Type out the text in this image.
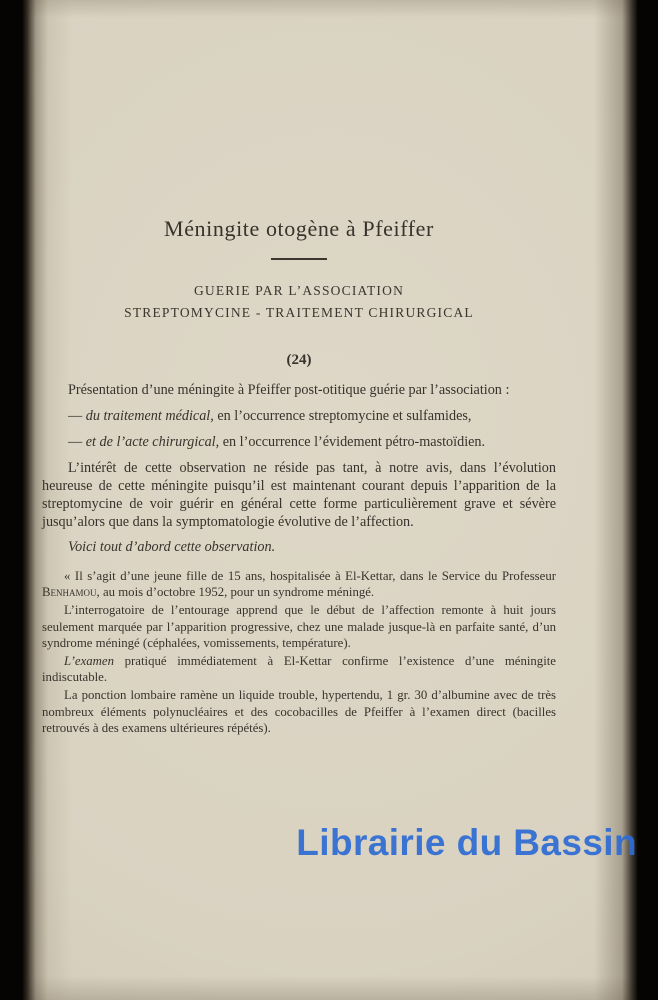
Méningite otogène à Pfeiffer
GUERIE PAR L’ASSOCIATION
STREPTOMYCINE - TRAITEMENT CHIRURGICAL
(24)

Présentation d’une méningite à Pfeiffer post-otitique guérie par l’association :

— du traitement médical, en l’occurrence streptomycine et sulfamides,

— et de l’acte chirurgical, en l’occurrence l’évidement pétro-mastoïdien.

L’intérêt de cette observation ne réside pas tant, à notre avis, dans l’évolution heureuse de cette méningite puisqu’il est maintenant courant depuis l’apparition de la streptomycine de voir guérir en général cette forme particulièrement grave et sévère jusqu’alors que dans la symptomatologie évolutive de l’affection.

Voici tout d’abord cette observation.

« Il s’agit d’une jeune fille de 15 ans, hospitalisée à El-Kettar, dans le Service du Professeur Benhamou, au mois d’octobre 1952, pour un syndrome méningé.

L’interrogatoire de l’entourage apprend que le début de l’affection remonte à huit jours seulement marquée par l’apparition progressive, chez une malade jusque-là en parfaite santé, d’un syndrome méningé (céphalées, vomissements, température).

L’examen pratiqué immédiatement à El-Kettar confirme l’existence d’une méningite indiscutable.

La ponction lombaire ramène un liquide trouble, hypertendu, 1 gr. 30 d’albumine avec de très nombreux éléments polynucléaires et des cocobacilles de Pfeiffer à l’examen direct (bacilles retrouvés à des examens ultérieures répétés).

Librairie du Bassin
